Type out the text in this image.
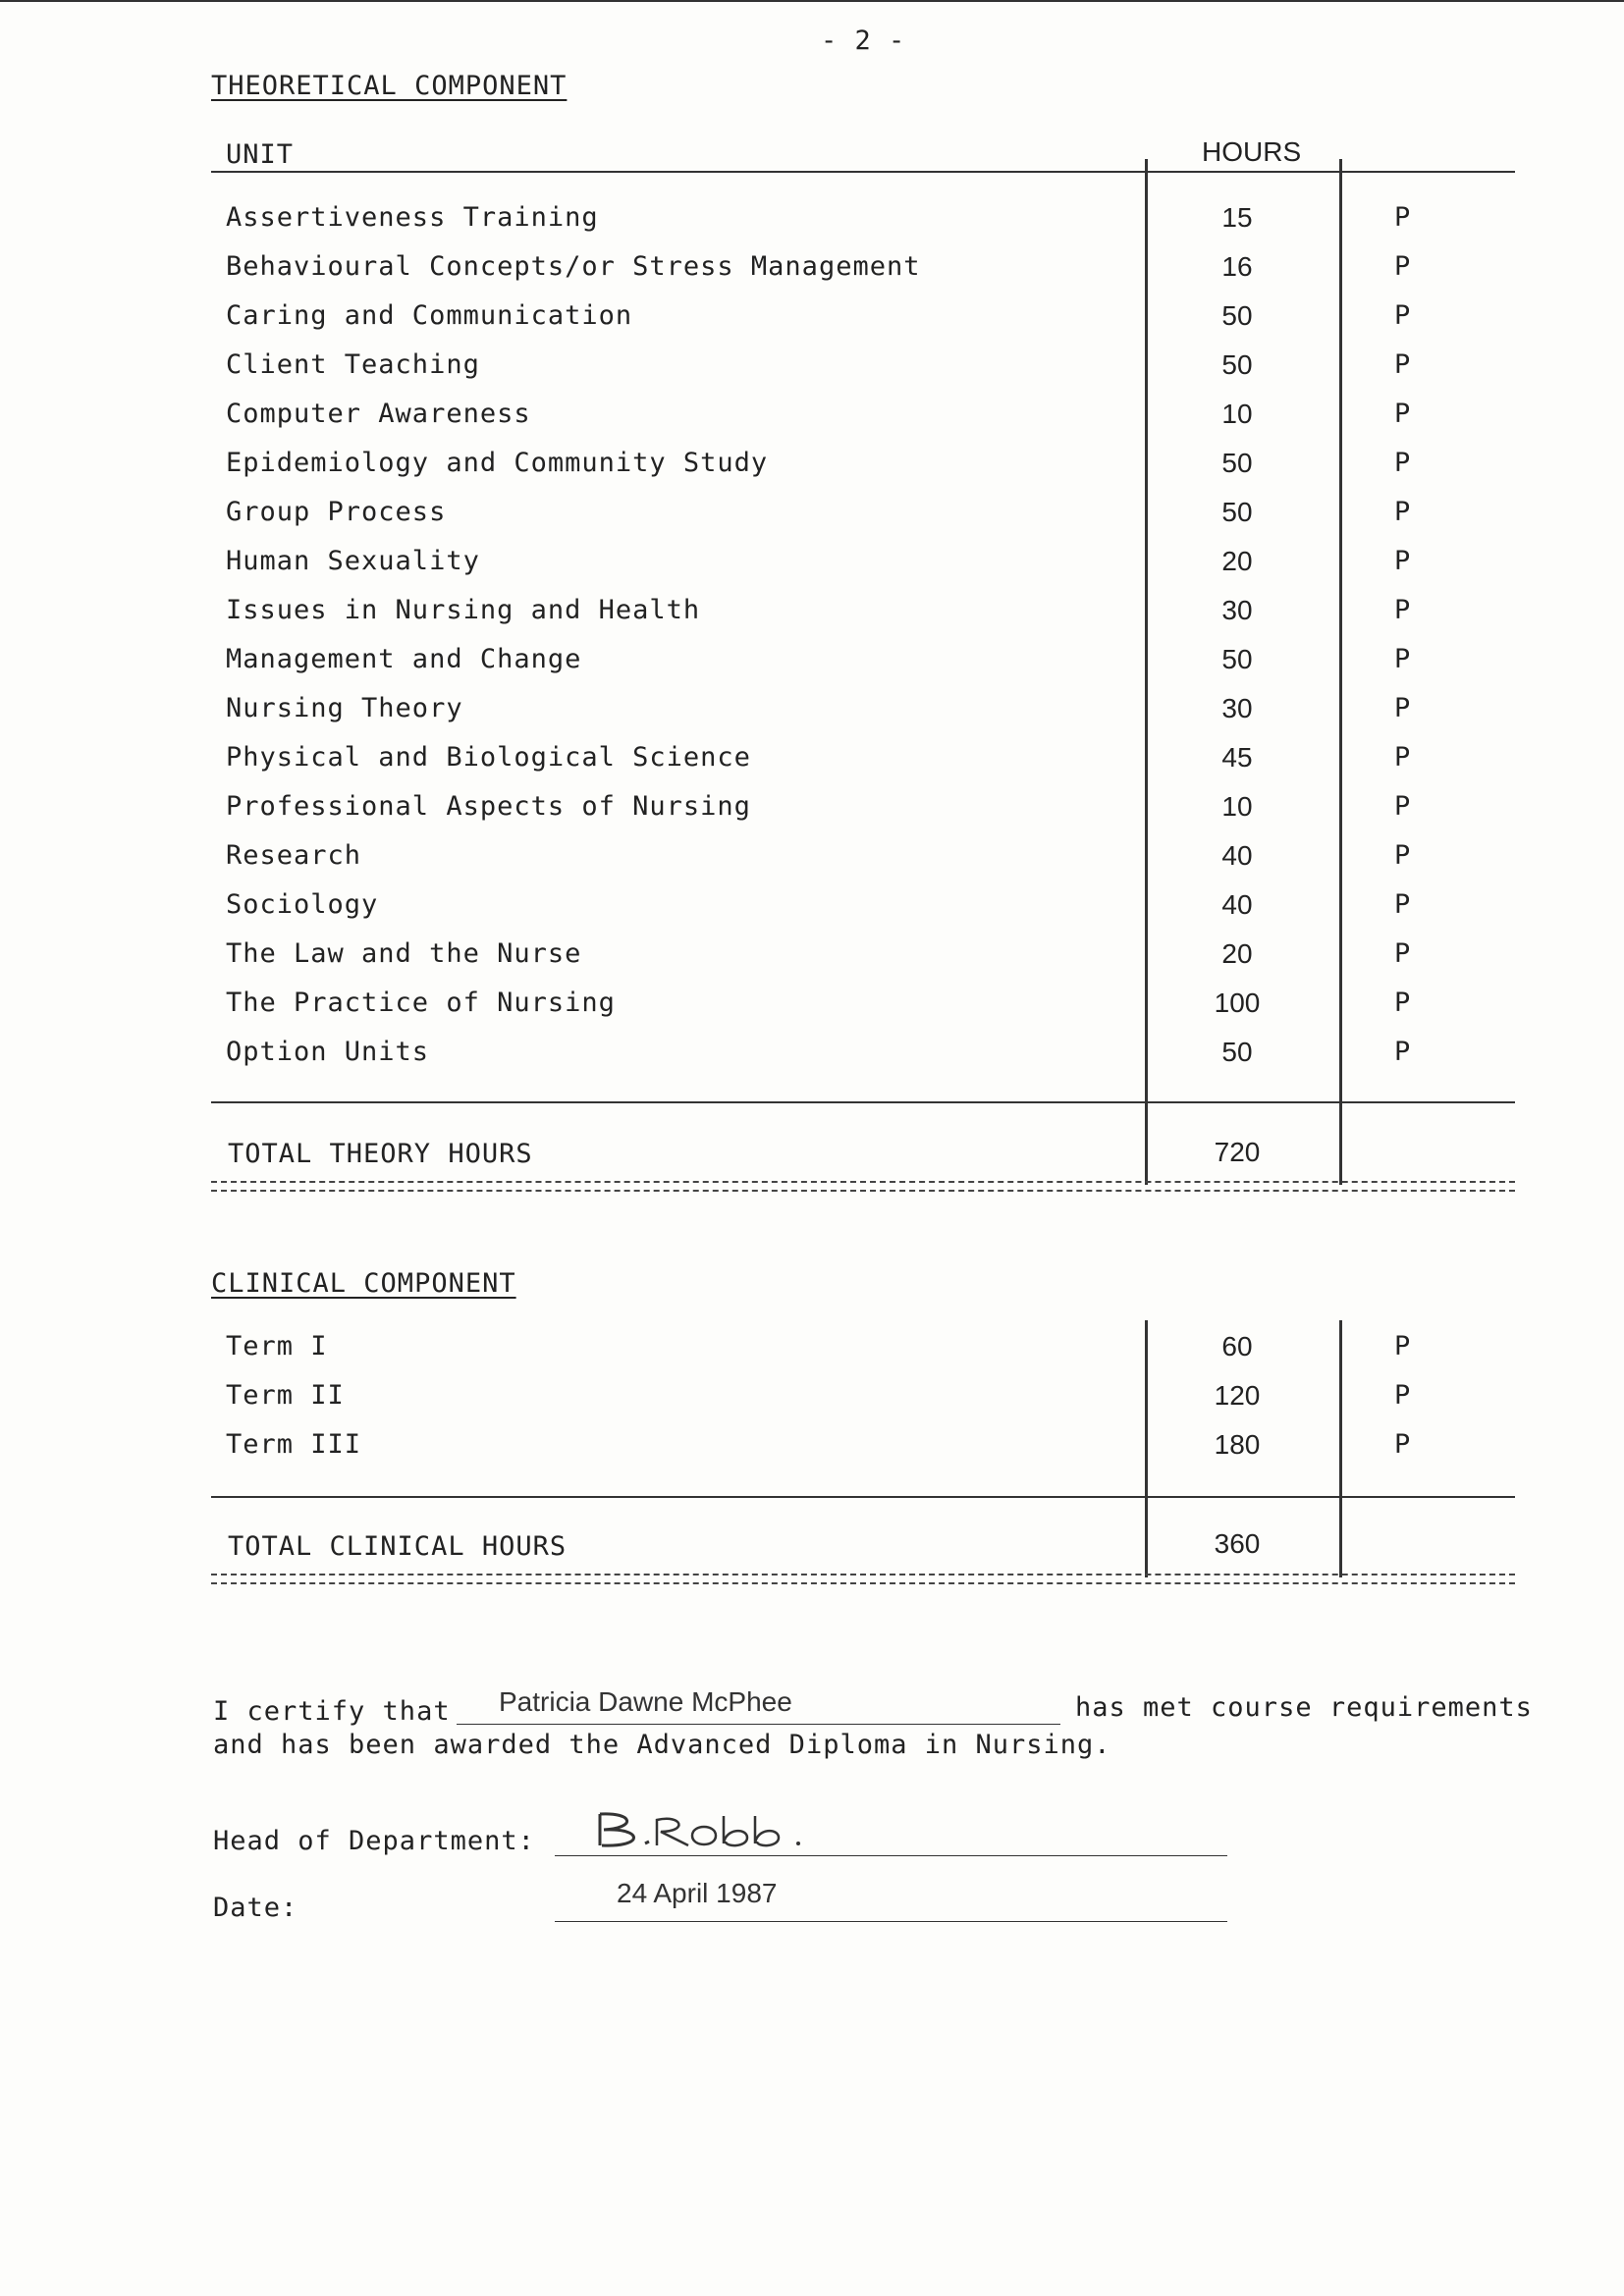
- 2 -
THEORETICAL COMPONENT
UNIT	HOURS
Assertiveness Training	15	P
Behavioural Concepts/or Stress Management	16	P
Caring and Communication	50	P
Client Teaching	50	P
Computer Awareness	10	P
Epidemiology and Community Study	50	P
Group Process	50	P
Human Sexuality	20	P
Issues in Nursing and Health	30	P
Management and Change	50	P
Nursing Theory	30	P
Physical and Biological Science	45	P
Professional Aspects of Nursing	10	P
Research	40	P
Sociology	40	P
The Law and the Nurse	20	P
The Practice of Nursing	100	P
Option Units	50	P
TOTAL THEORY HOURS	720
CLINICAL COMPONENT
Term I	60	P
Term II	120	P
Term III	180	P
TOTAL CLINICAL HOURS	360
I certify that Patricia Dawne McPhee	has met course requirements
and has been awarded the Advanced Diploma in Nursing.
Head of Department:
Date:	24 April 1987
